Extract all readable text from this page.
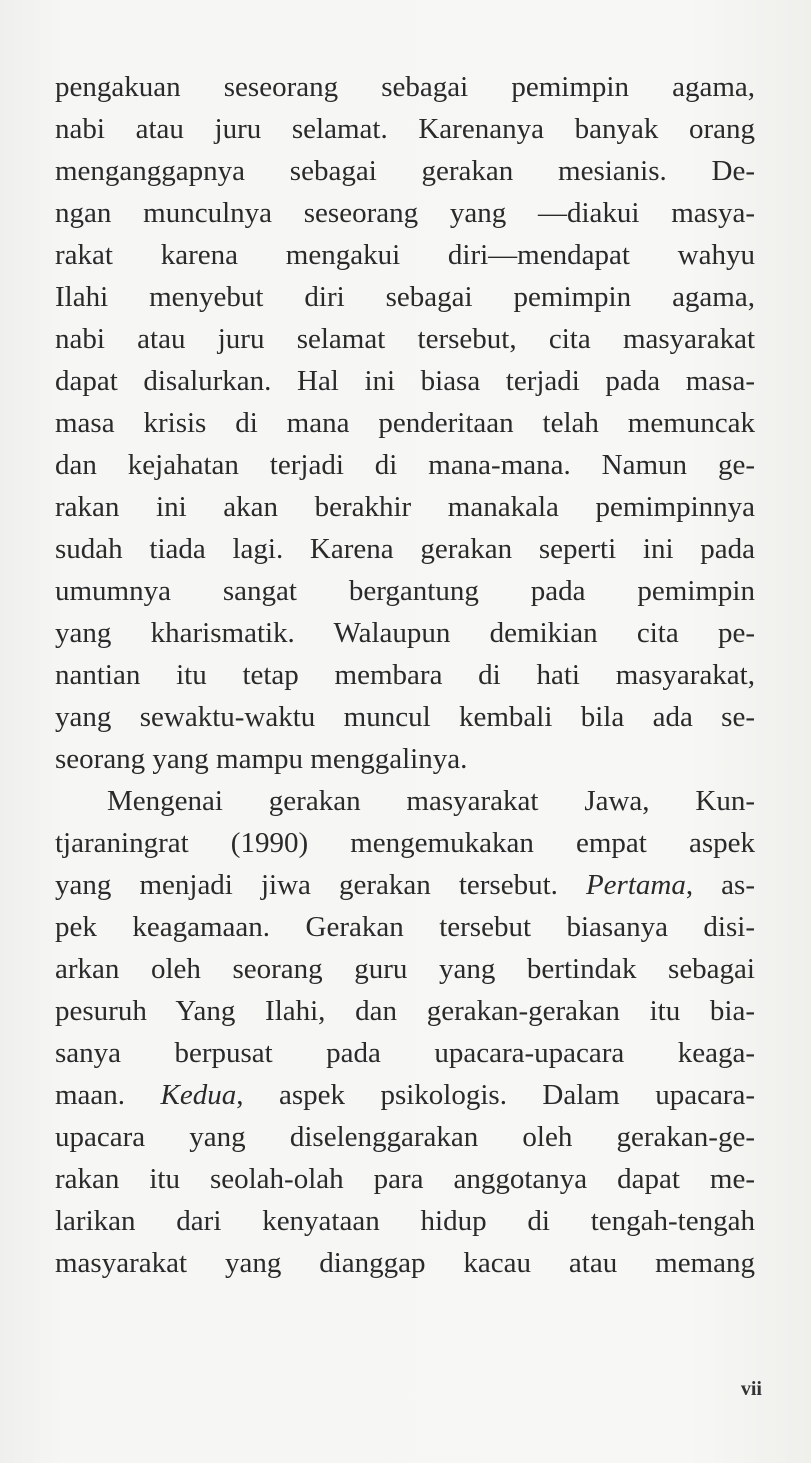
pengakuan seseorang sebagai pemimpin agama,
nabi atau juru selamat. Karenanya banyak orang
menganggapnya sebagai gerakan mesianis. De-
ngan munculnya seseorang yang —diakui masya-
rakat karena mengakui diri—mendapat wahyu
Ilahi menyebut diri sebagai pemimpin agama,
nabi atau juru selamat tersebut, cita masyarakat
dapat disalurkan. Hal ini biasa terjadi pada masa-
masa krisis di mana penderitaan telah memuncak
dan kejahatan terjadi di mana-mana. Namun ge-
rakan ini akan berakhir manakala pemimpinnya
sudah tiada lagi. Karena gerakan seperti ini pada
umumnya sangat bergantung pada pemimpin
yang kharismatik. Walaupun demikian cita pe-
nantian itu tetap membara di hati masyarakat,
yang sewaktu-waktu muncul kembali bila ada se-
seorang yang mampu menggalinya.
Mengenai gerakan masyarakat Jawa, Kun-
tjaraningrat (1990) mengemukakan empat aspek
yang menjadi jiwa gerakan tersebut. Pertama, as-
pek keagamaan. Gerakan tersebut biasanya disi-
arkan oleh seorang guru yang bertindak sebagai
pesuruh Yang Ilahi, dan gerakan-gerakan itu bia-
sanya berpusat pada upacara-upacara keaga-
maan. Kedua, aspek psikologis. Dalam upacara-
upacara yang diselenggarakan oleh gerakan-ge-
rakan itu seolah-olah para anggotanya dapat me-
larikan dari kenyataan hidup di tengah-tengah
masyarakat yang dianggap kacau atau memang
vii
